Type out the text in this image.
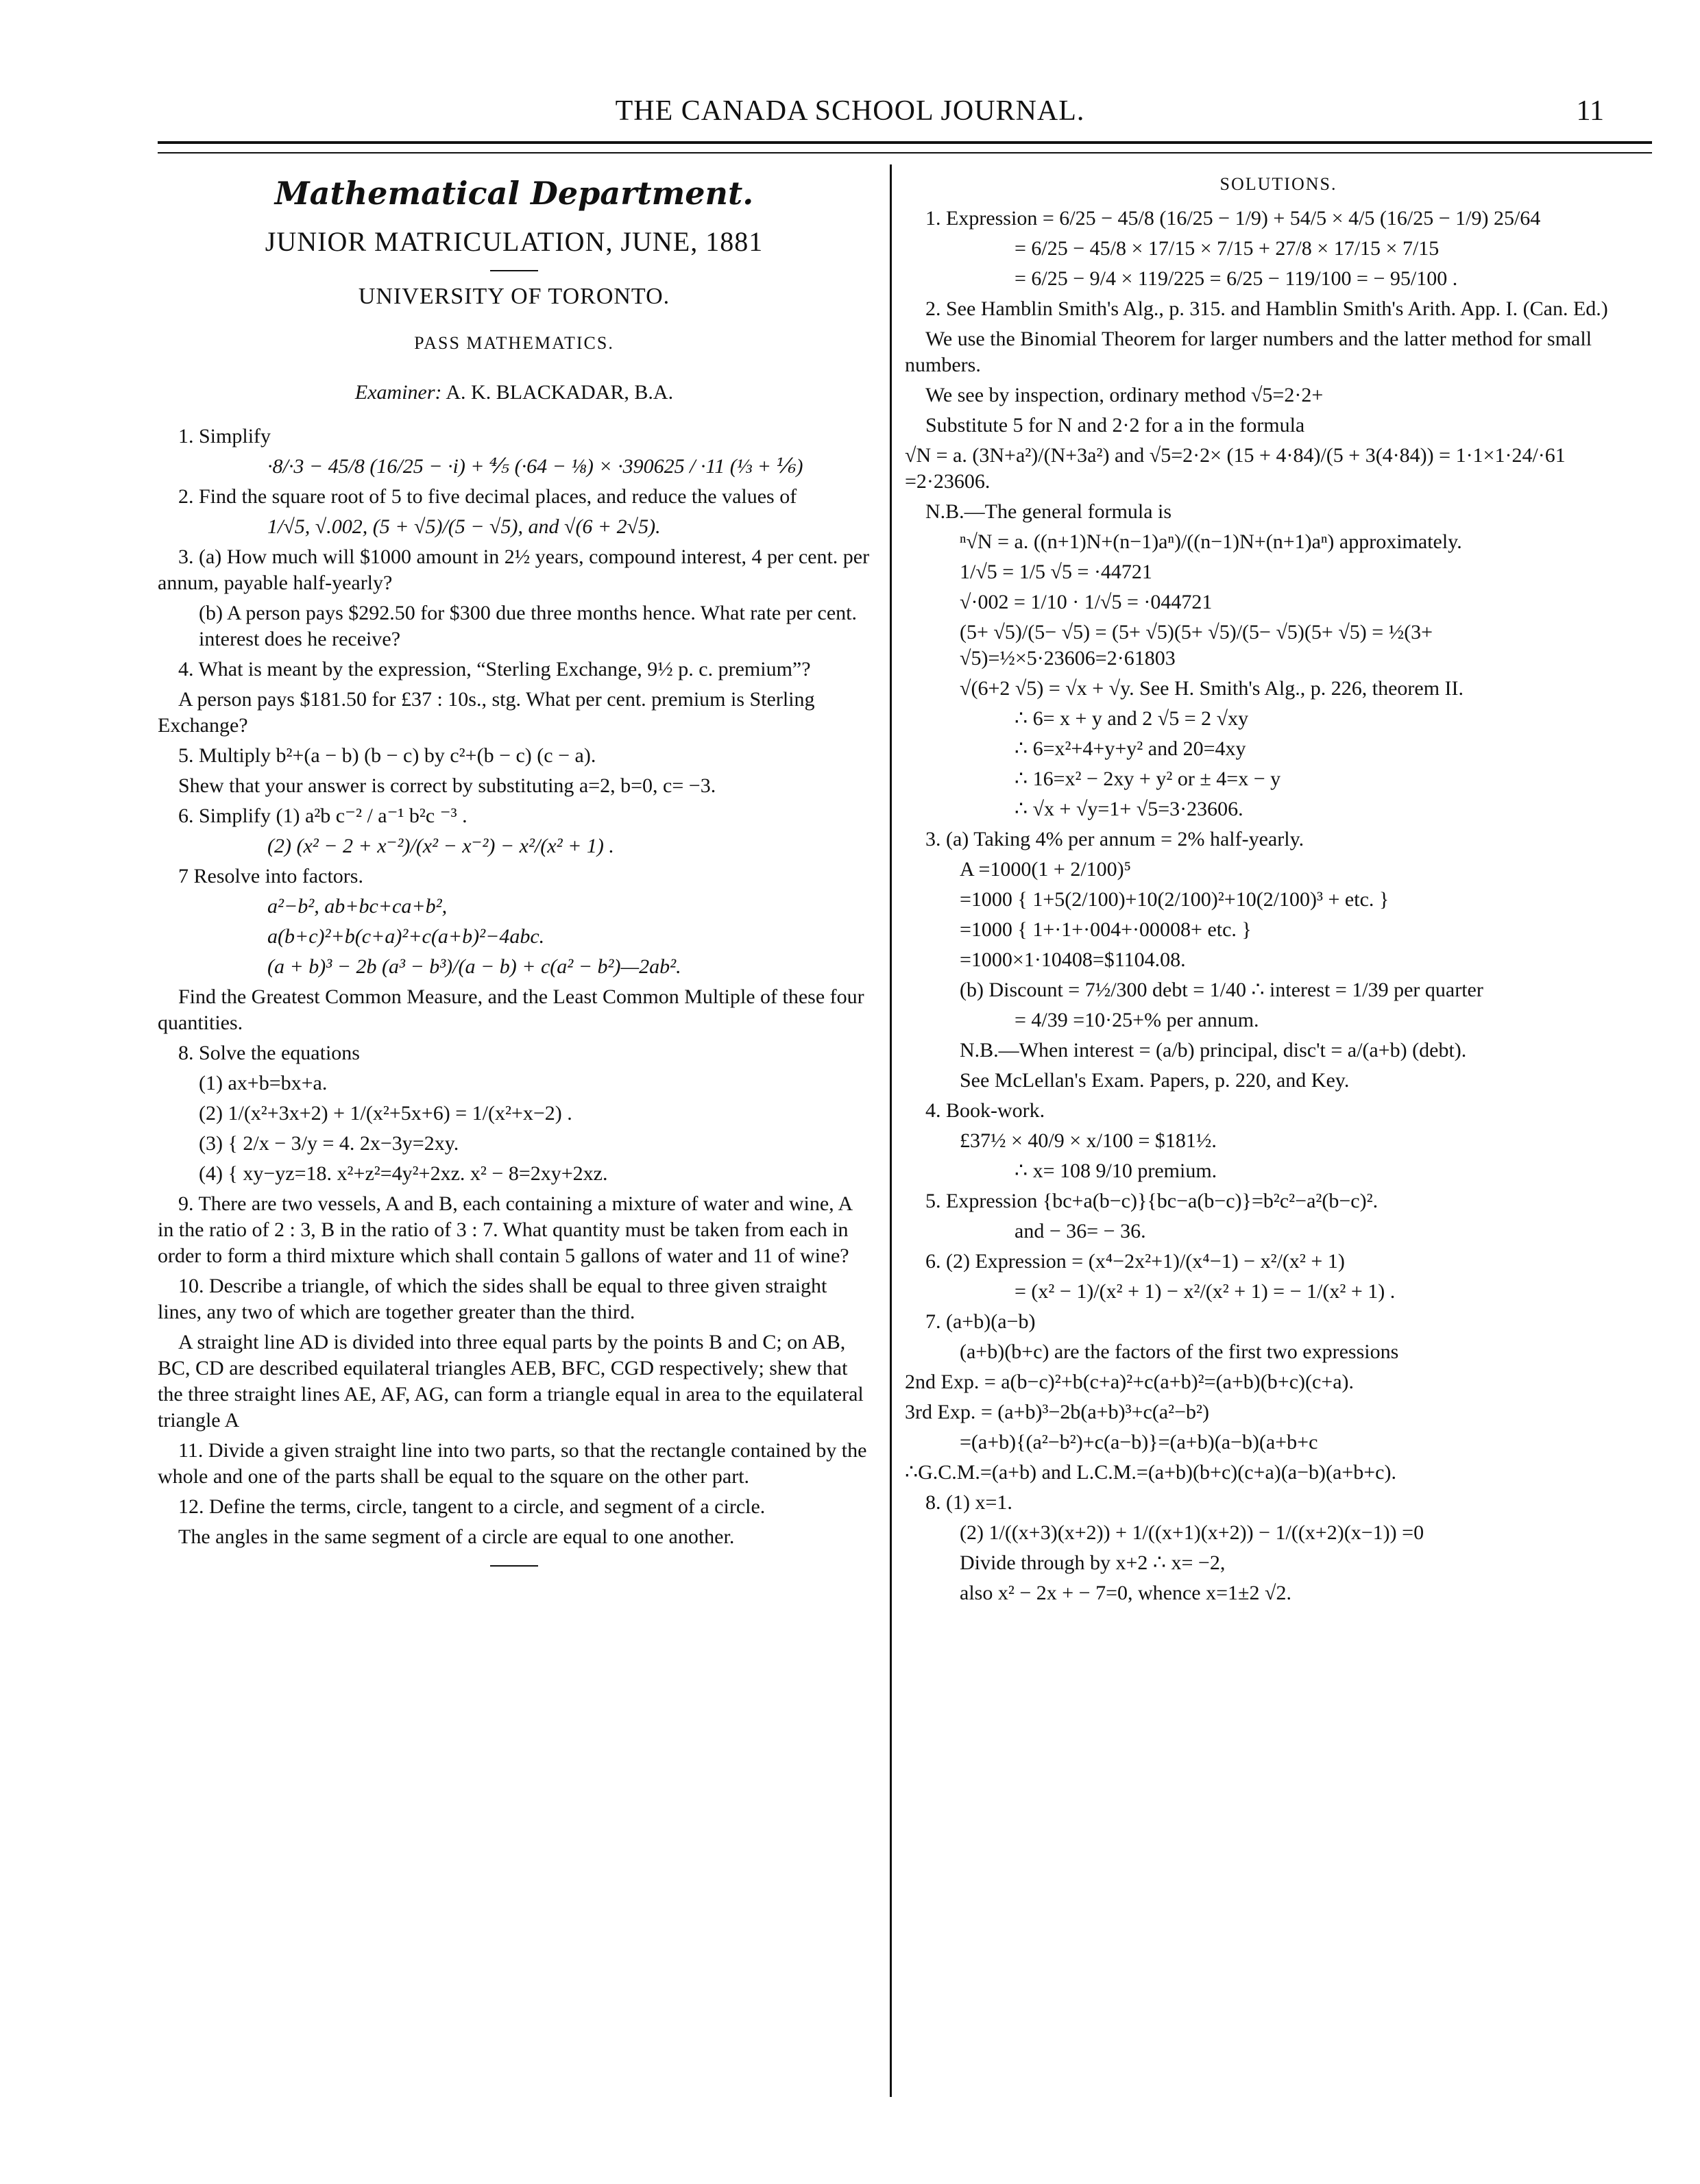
THE CANADA SCHOOL JOURNAL.	11
Mathematical Department.
JUNIOR MATRICULATION, JUNE, 1881
UNIVERSITY OF TORONTO.
PASS MATHEMATICS.
Examiner: A. K. BLACKADAR, B.A.

1. Simplify

·8/·3 − 45/8 (16/25 − ·i) + ⅘ (·64 − ⅛) × ·390625 / ·11 (⅓ + ⅙)

2. Find the square root of 5 to five decimal places, and reduce the values of

1/√5, √.002, (5 + √5)/(5 − √5), and √(6 + 2√5).

3. (a) How much will $1000 amount in 2½ years, compound interest, 4 per cent. per annum, payable half-yearly?

(b) A person pays $292.50 for $300 due three months hence. What rate per cent. interest does he receive?

4. What is meant by the expression, “Sterling Exchange, 9½ p. c. premium”?

A person pays $181.50 for £37 : 10s., stg. What per cent. premium is Sterling Exchange?

5. Multiply b²+(a − b) (b − c) by c²+(b − c) (c − a).

Shew that your answer is correct by substituting a=2, b=0, c= −3.

6. Simplify (1) a²b c⁻² / a⁻¹ b²c ⁻³ .

(2) (x² − 2 + x⁻²)/(x² − x⁻²) − x²/(x² + 1) .

7 Resolve into factors.

a²−b², ab+bc+ca+b²,

a(b+c)²+b(c+a)²+c(a+b)²−4abc.

(a + b)³ − 2b (a³ − b³)/(a − b) + c(a² − b²)—2ab².

Find the Greatest Common Measure, and the Least Common Multiple of these four quantities.

8. Solve the equations

(1) ax+b=bx+a.

(2) 1/(x²+3x+2) + 1/(x²+5x+6) = 1/(x²+x−2) .

(3) { 2/x − 3/y = 4. 2x−3y=2xy.

(4) { xy−yz=18. x²+z²=4y²+2xz. x² − 8=2xy+2xz.

9. There are two vessels, A and B, each containing a mixture of water and wine, A in the ratio of 2 : 3, B in the ratio of 3 : 7. What quantity must be taken from each in order to form a third mixture which shall contain 5 gallons of water and 11 of wine?

10. Describe a triangle, of which the sides shall be equal to three given straight lines, any two of which are together greater than the third.

A straight line AD is divided into three equal parts by the points B and C; on AB, BC, CD are described equilateral triangles AEB, BFC, CGD respectively; shew that the three straight lines AE, AF, AG, can form a triangle equal in area to the equilateral triangle A

11. Divide a given straight line into two parts, so that the rectangle contained by the whole and one of the parts shall be equal to the square on the other part.

12. Define the terms, circle, tangent to a circle, and segment of a circle.

The angles in the same segment of a circle are equal to one another.

SOLUTIONS.

1. Expression = 6/25 − 45/8 (16/25 − 1/9) + 54/5 × 4/5 (16/25 − 1/9) 25/64

= 6/25 − 45/8 × 17/15 × 7/15 + 27/8 × 17/15 × 7/15

= 6/25 − 9/4 × 119/225 = 6/25 − 119/100 = − 95/100 .

2. See Hamblin Smith's Alg., p. 315. and Hamblin Smith's Arith. App. I. (Can. Ed.)

We use the Binomial Theorem for larger numbers and the latter method for small numbers.

We see by inspection, ordinary method √5=2·2+

Substitute 5 for N and 2·2 for a in the formula

√N = a. (3N+a²)/(N+3a²) and √5=2·2× (15 + 4·84)/(5 + 3(4·84)) = 1·1×1·24/·61 =2·23606.

N.B.—The general formula is

ⁿ√N = a. ((n+1)N+(n−1)aⁿ)/((n−1)N+(n+1)aⁿ) approximately.

1/√5 = 1/5 √5 = ·44721

√·002 = 1/10 · 1/√5 = ·044721

(5+ √5)/(5− √5) = (5+ √5)(5+ √5)/(5− √5)(5+ √5) = ½(3+ √5)=½×5·23606=2·61803

√(6+2 √5) = √x + √y. See H. Smith's Alg., p. 226, theorem II.

∴ 6= x + y and 2 √5 = 2 √xy

∴ 6=x²+4+y+y² and 20=4xy

∴ 16=x² − 2xy + y² or ± 4=x − y

∴ √x + √y=1+ √5=3·23606.

3. (a) Taking 4% per annum = 2% half-yearly.

A =1000(1 + 2/100)⁵

=1000 { 1+5(2/100)+10(2/100)²+10(2/100)³ + etc. }

=1000 { 1+·1+·004+·00008+ etc. }

=1000×1·10408=$1104.08.

(b) Discount = 7½/300 debt = 1/40 ∴ interest = 1/39 per quarter

= 4/39 =10·25+% per annum.

N.B.—When interest = (a/b) principal, disc't = a/(a+b) (debt).

See McLellan's Exam. Papers, p. 220, and Key.

4. Book-work.

£37½ × 40/9 × x/100 = $181½.

∴ x= 108 9/10 premium.

5. Expression {bc+a(b−c)}{bc−a(b−c)}=b²c²−a²(b−c)².

and − 36= − 36.

6. (2) Expression = (x⁴−2x²+1)/(x⁴−1) − x²/(x² + 1)

= (x² − 1)/(x² + 1) − x²/(x² + 1) = − 1/(x² + 1) .

7. (a+b)(a−b)

(a+b)(b+c) are the factors of the first two expressions

2nd Exp. = a(b−c)²+b(c+a)²+c(a+b)²=(a+b)(b+c)(c+a).

3rd Exp. = (a+b)³−2b(a+b)³+c(a²−b²)

=(a+b){(a²−b²)+c(a−b)}=(a+b)(a−b)(a+b+c

∴G.C.M.=(a+b) and L.C.M.=(a+b)(b+c)(c+a)(a−b)(a+b+c).

8. (1) x=1.

(2) 1/((x+3)(x+2)) + 1/((x+1)(x+2)) − 1/((x+2)(x−1)) =0

Divide through by x+2 ∴ x= −2,

also x² − 2x + − 7=0, whence x=1±2 √2.
